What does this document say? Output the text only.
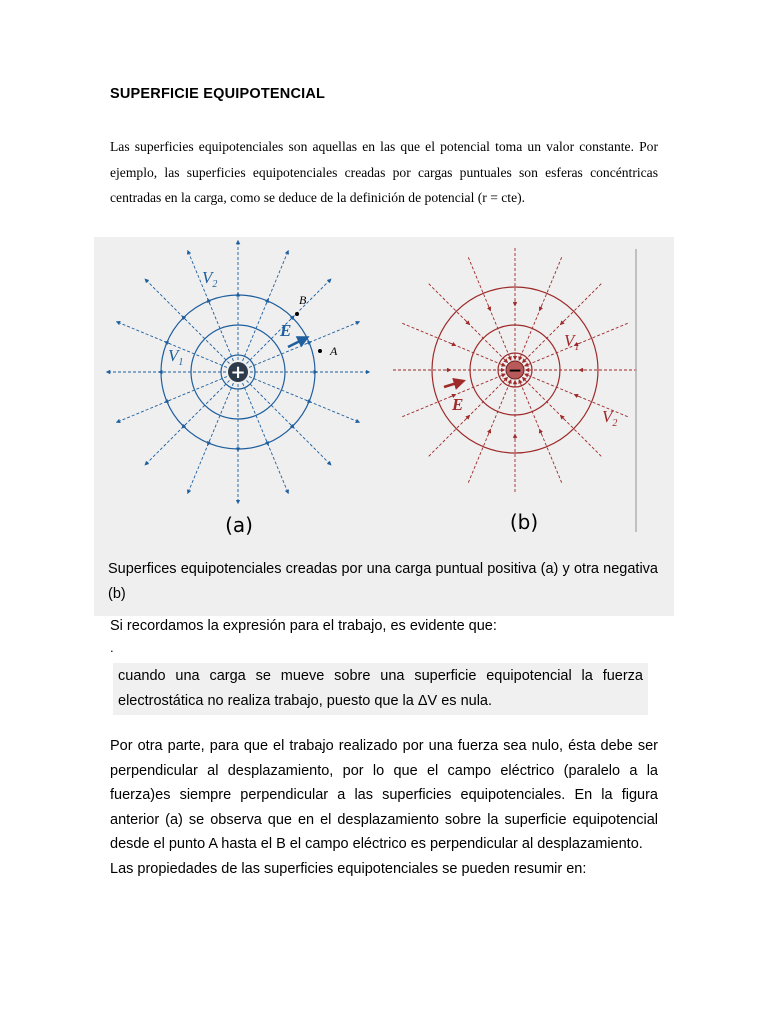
SUPERFICIE EQUIPOTENCIAL

Las superficies equipotenciales son aquellas en las que el potencial toma un valor constante. Por ejemplo, las superficies equipotenciales creadas por cargas puntuales son esferas concéntricas centradas en la carga, como se deduce de la definición de potencial (r = cte).

+
$V_2$
$V_1$
E
A
B
(a)
−
E
$V_1$
$V_2$
(b)
Superfices equipotenciales creadas por una carga puntual positiva (a) y otra negativa (b)

Si recordamos la expresión para el trabajo, es evidente que:

.
cuando una carga se mueve sobre una superficie equipotencial la fuerza electrostática no realiza trabajo, puesto que la ΔV es nula.

Por otra parte, para que el trabajo realizado por una fuerza sea nulo, ésta debe ser perpendicular al desplazamiento, por lo que el campo eléctrico (paralelo a la fuerza)es siempre perpendicular a las superficies equipotenciales. En la figura anterior (a) se observa que en el desplazamiento sobre la superficie equipotencial desde el punto A hasta el B el campo eléctrico es perpendicular al desplazamiento.

Las propiedades de las superficies equipotenciales se pueden resumir en:
